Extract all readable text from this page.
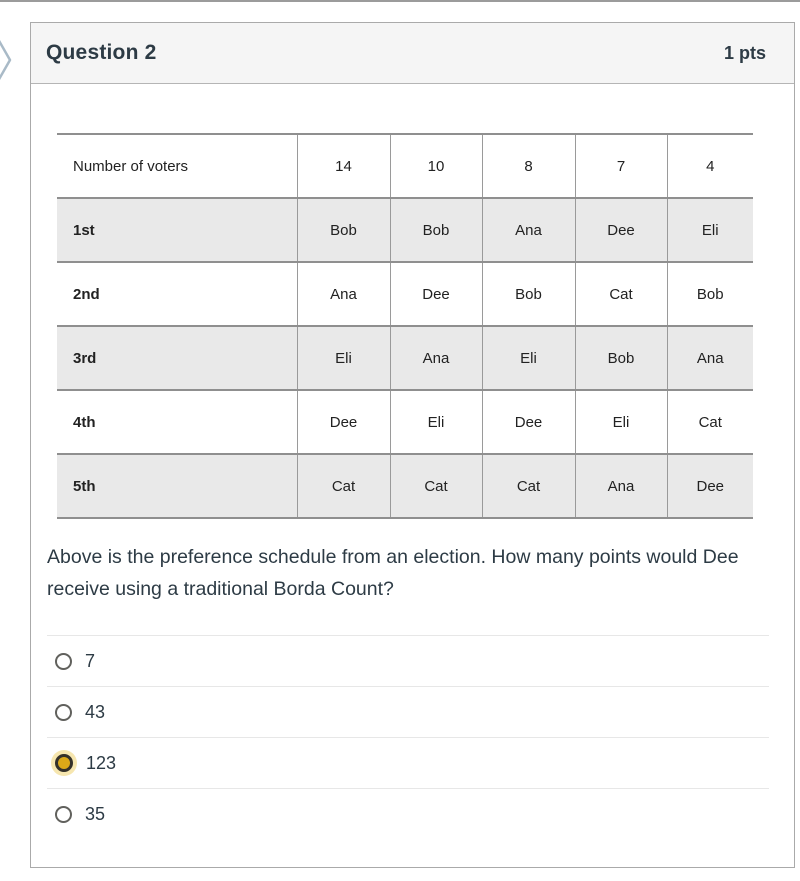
Question 2	1 pts
Number of voters	14	10	8	7	4
1st	Bob	Bob	Ana	Dee	Eli
2nd	Ana	Dee	Bob	Cat	Bob
3rd	Eli	Ana	Eli	Bob	Ana
4th	Dee	Eli	Dee	Eli	Cat
5th	Cat	Cat	Cat	Ana	Dee
Above is the preference schedule from an election. How many points would Dee receive using a traditional Borda Count?
7
43
123
35
